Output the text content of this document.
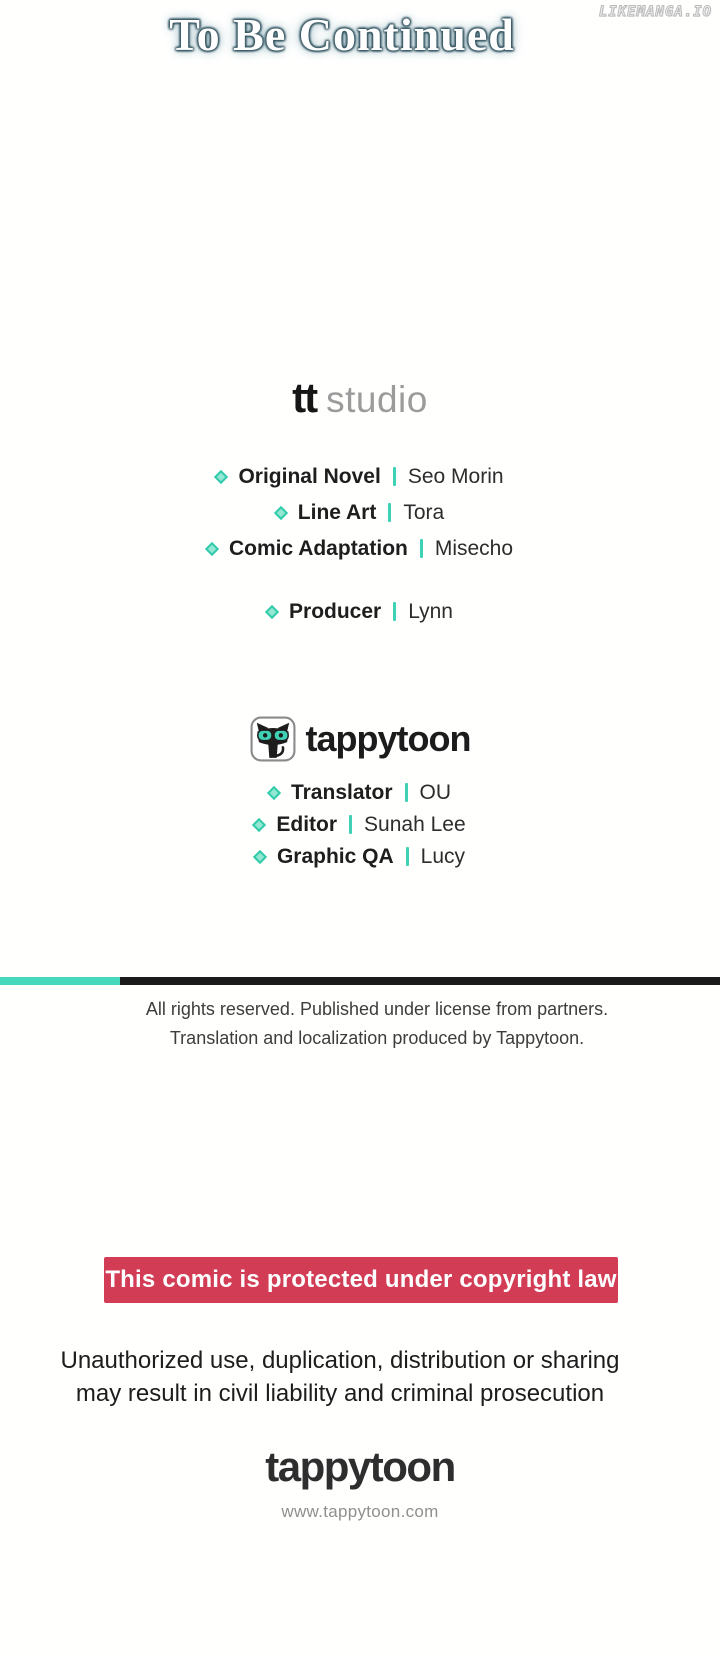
LIKEMANGA.IO
To Be Continued
tt studio
Original Novel Seo Morin
Line Art Tora
Comic Adaptation Misecho
Producer Lynn
tappytoon
Translator OU
Editor Sunah Lee
Graphic QA Lucy
All rights reserved. Published under license from partners.
Translation and localization produced by Tappytoon.
This comic is protected under copyright law
Unauthorized use, duplication, distribution or sharing
may result in civil liability and criminal prosecution
tappytoon
www.tappytoon.com
